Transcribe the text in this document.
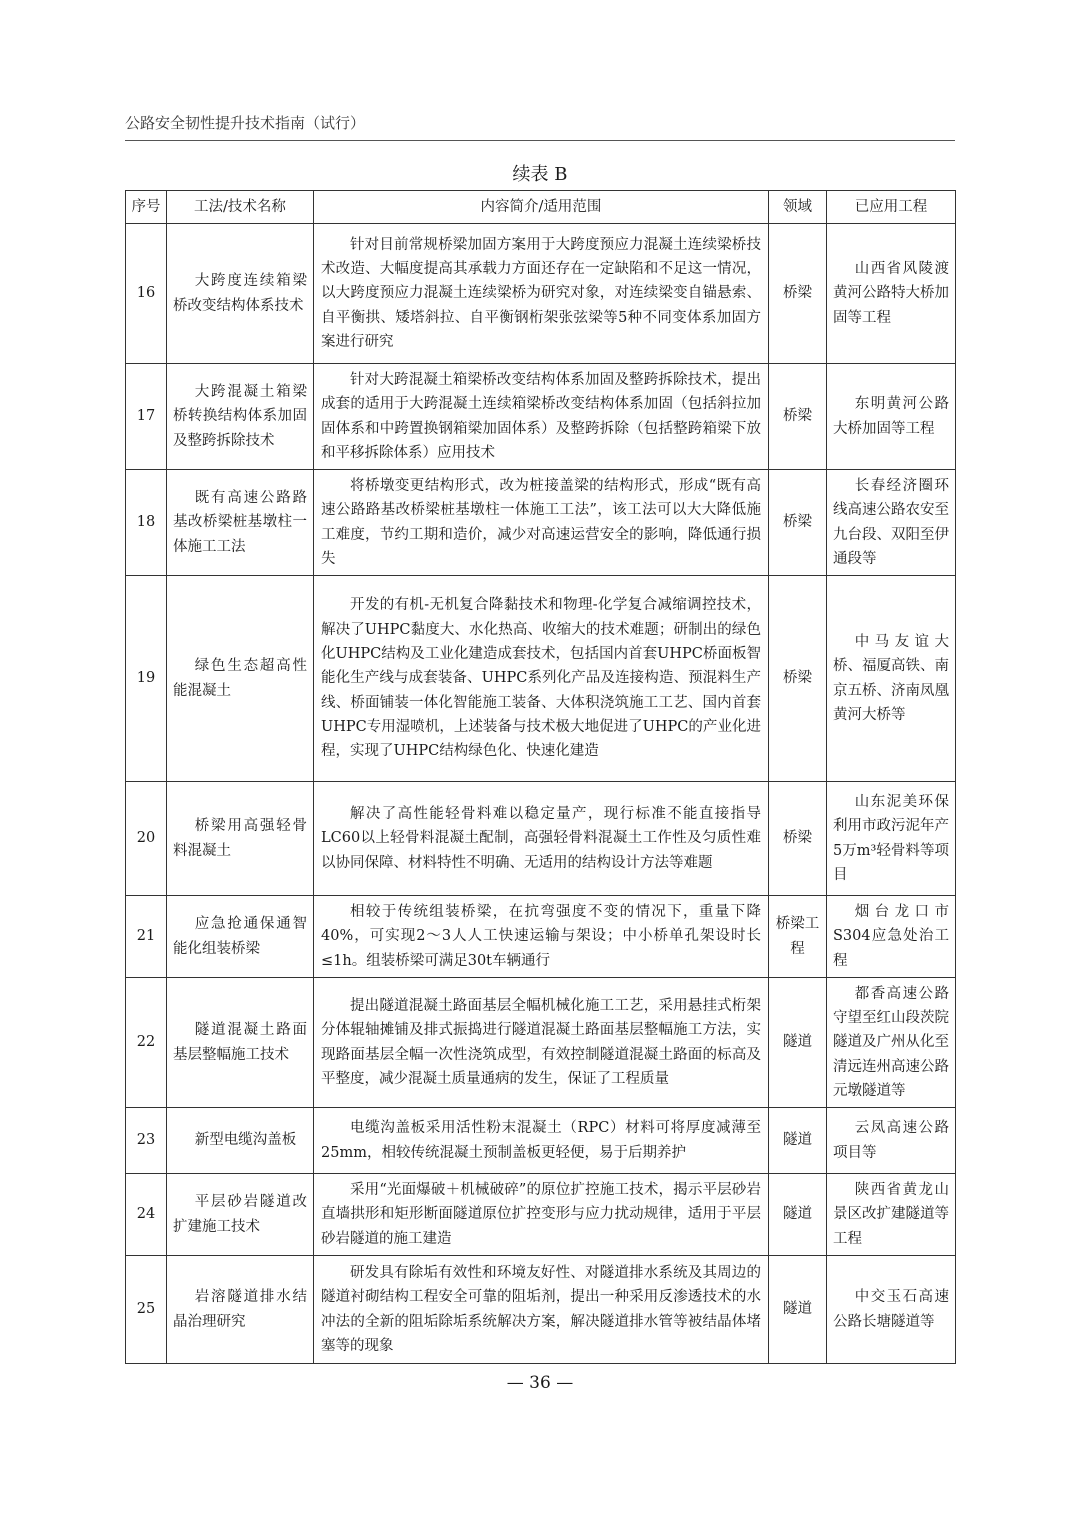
公路安全韧性提升技术指南（试行）
续表 B
序号	工法/技术名称	内容简介/适用范围	领域	已应用工程
16	大跨度连续箱梁桥改变结构体系技术	针对目前常规桥梁加固方案用于大跨度预应力混凝土连续梁桥技术改造、大幅度提高其承载力方面还存在一定缺陷和不足这一情况，以大跨度预应力混凝土连续梁桥为研究对象，对连续梁变自锚悬索、自平衡拱、矮塔斜拉、自平衡钢桁架张弦梁等5种不同变体系加固方案进行研究	桥梁	山西省风陵渡黄河公路特大桥加固等工程
17	大跨混凝土箱梁桥转换结构体系加固及整跨拆除技术	针对大跨混凝土箱梁桥改变结构体系加固及整跨拆除技术，提出成套的适用于大跨混凝土连续箱梁桥改变结构体系加固（包括斜拉加固体系和中跨置换钢箱梁加固体系）及整跨拆除（包括整跨箱梁下放和平移拆除体系）应用技术	桥梁	东明黄河公路大桥加固等工程
18	既有高速公路路基改桥梁桩基墩柱一体施工工法	将桥墩变更结构形式，改为桩接盖梁的结构形式，形成“既有高速公路路基改桥梁桩基墩柱一体施工工法”，该工法可以大大降低施工难度，节约工期和造价，减少对高速运营安全的影响，降低通行损失	桥梁	长春经济圈环线高速公路农安至九台段、双阳至伊通段等
19	绿色生态超高性能混凝土	开发的有机-无机复合降黏技术和物理-化学复合减缩调控技术，解决了UHPC黏度大、水化热高、收缩大的技术难题；研制出的绿色化UHPC结构及工业化建造成套技术，包括国内首套UHPC桥面板智能化生产线与成套装备、UHPC系列化产品及连接构造、预混料生产线、桥面铺装一体化智能施工装备、大体积浇筑施工工艺、国内首套UHPC专用湿喷机，上述装备与技术极大地促进了UHPC的产业化进程，实现了UHPC结构绿色化、快速化建造	桥梁	中马友谊大桥、福厦高铁、南京五桥、济南凤凰黄河大桥等
20	桥梁用高强轻骨料混凝土	解决了高性能轻骨料难以稳定量产，现行标准不能直接指导LC60以上轻骨料混凝土配制，高强轻骨料混凝土工作性及匀质性难以协同保障、材料特性不明确、无适用的结构设计方法等难题	桥梁	山东泥美环保利用市政污泥年产5万m³轻骨料等项目
21	应急抢通保通智能化组装桥梁	相较于传统组装桥梁，在抗弯强度不变的情况下，重量下降40%，可实现2～3人人工快速运输与架设；中小桥单孔架设时长≤1h。组装桥梁可满足30t车辆通行	桥梁工程	烟台龙口市S304应急处治工程
22	隧道混凝土路面基层整幅施工技术	提出隧道混凝土路面基层全幅机械化施工工艺，采用悬挂式桁架分体辊轴摊铺及排式振捣进行隧道混凝土路面基层整幅施工方法，实现路面基层全幅一次性浇筑成型，有效控制隧道混凝土路面的标高及平整度，减少混凝土质量通病的发生，保证了工程质量	隧道	都香高速公路守望至红山段茨院隧道及广州从化至清远连州高速公路元墩隧道等
23	新型电缆沟盖板	电缆沟盖板采用活性粉末混凝土（RPC）材料可将厚度减薄至25mm，相较传统混凝土预制盖板更轻便，易于后期养护	隧道	云凤高速公路项目等
24	平层砂岩隧道改扩建施工技术	采用“光面爆破＋机械破碎”的原位扩控施工技术，揭示平层砂岩直墙拱形和矩形断面隧道原位扩控变形与应力扰动规律，适用于平层砂岩隧道的施工建造	隧道	陕西省黄龙山景区改扩建隧道等工程
25	岩溶隧道排水结晶治理研究	研发具有除垢有效性和环境友好性、对隧道排水系统及其周边的隧道衬砌结构工程安全可靠的阻垢剂，提出一种采用反渗透技术的水冲法的全新的阻垢除垢系统解决方案，解决隧道排水管等被结晶体堵塞等的现象	隧道	中交玉石高速公路长塘隧道等
— 36 —
